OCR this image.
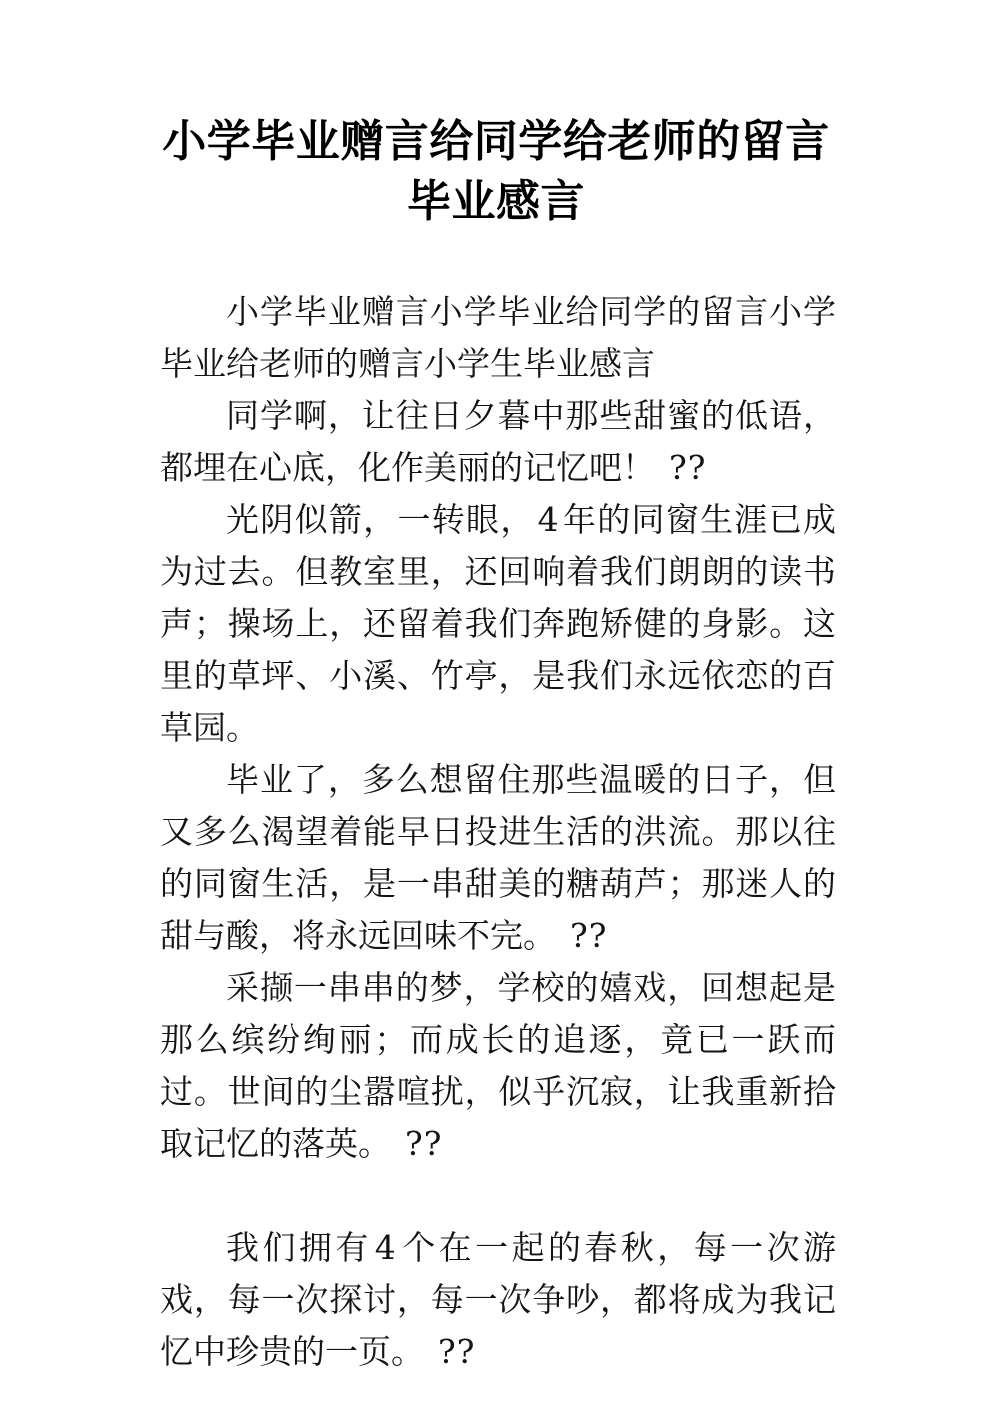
小学毕业赠言给同学给老师的留言毕业感言

小学毕业赠言小学毕业给同学的留言小学毕业给老师的赠言小学生毕业感言

同学啊，让往日夕暮中那些甜蜜的低语，都埋在心底，化作美丽的记忆吧！ ??

光阴似箭，一转眼，4年的同窗生涯已成为过去。但教室里，还回响着我们朗朗的读书声；操场上，还留着我们奔跑矫健的身影。这里的草坪、小溪、竹亭，是我们永远依恋的百草园。

毕业了，多么想留住那些温暖的日子，但又多么渴望着能早日投进生活的洪流。那以往的同窗生活，是一串甜美的糖葫芦；那迷人的甜与酸，将永远回味不完。 ??

采撷一串串的梦，学校的嬉戏，回想起是那么缤纷绚丽；而成长的追逐，竟已一跃而过。世间的尘嚣喧扰，似乎沉寂，让我重新拾取记忆的落英。 ??

我们拥有4个在一起的春秋，每一次游戏，每一次探讨，每一次争吵，都将成为我记忆中珍贵的一页。 ??
